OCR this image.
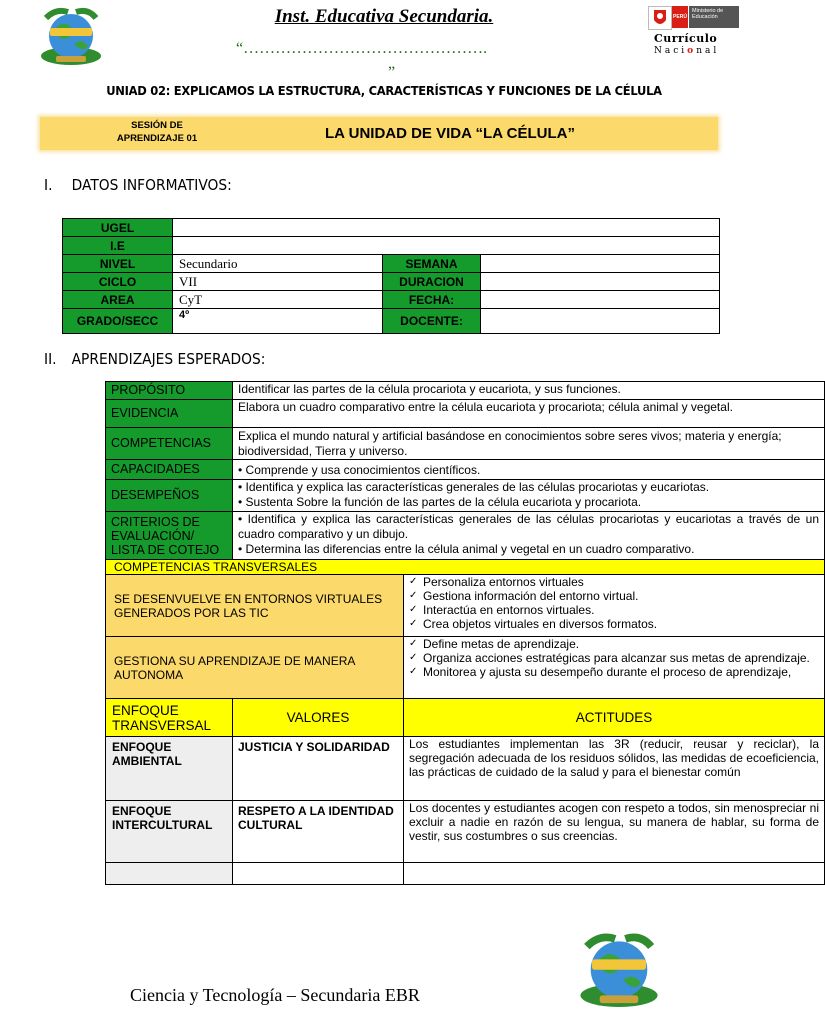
Inst. Educativa Secundaria.
“……………………………………….
”
PERÚ
Ministerio de Educación
Currículo
Nacional
UNIAD 02: EXPLICAMOS LA ESTRUCTURA, CARACTERÍSTICAS Y FUNCIONES DE LA CÉLULA
SESIÓN DE
APRENDIZAJE 01	LA UNIDAD DE VIDA “LA CÉLULA”
I. DATOS INFORMATIVOS:
UGEL			
I.E			
NIVEL	Secundario	SEMANA	
CICLO	VII	DURACION	
AREA	CyT	FECHA:	
GRADO/SECC	4º	DOCENTE:	
II. APRENDIZAJES ESPERADOS:
PROPÓSITO	Identificar las partes de la célula procariota y eucariota, y sus funciones.	
EVIDENCIA	Elabora un cuadro comparativo entre la célula eucariota y procariota; célula animal y vegetal.	
COMPETENCIAS	Explica el mundo natural y artificial basándose en conocimientos sobre seres vivos; materia y energía; biodiversidad, Tierra y universo.	
CAPACIDADES	• Comprende y usa conocimientos científicos.	
DESEMPEÑOS	• Identifica y explica las características generales de las células procariotas y eucariotas.
• Sustenta Sobre la función de las partes de la célula eucariota y procariota.	

CRITERIOS DE EVALUACIÓN/ LISTA DE COTEJO	• Identifica y explica las características generales de las células procariotas y eucariotas a través de un cuadro comparativo y un dibujo.
• Determina las diferencias entre la célula animal y vegetal en un cuadro comparativo.	

COMPETENCIAS TRANSVERSALES		
SE DESENVUELVE EN ENTORNOS VIRTUALES GENERADOS POR LAS TIC		✓ Personaliza entornos virtuales
✓ Gestiona información del entorno virtual.
✓ Interactúa en entornos virtuales.
✓ Crea objetos virtuales en diversos formatos.

GESTIONA SU APRENDIZAJE DE MANERA AUTONOMA		✓ Define metas de aprendizaje.
✓ Organiza acciones estratégicas para alcanzar sus metas de aprendizaje.
✓ Monitorea y ajusta su desempeño durante el proceso de aprendizaje,

ENFOQUE TRANSVERSAL	VALORES	ACTITUDES
ENFOQUE AMBIENTAL	JUSTICIA Y SOLIDARIDAD	Los estudiantes implementan las 3R (reducir, reusar y reciclar), la segregación adecuada de los residuos sólidos, las medidas de ecoeficiencia, las prácticas de cuidado de la salud y para el bienestar común
ENFOQUE INTERCULTURAL	RESPETO A LA IDENTIDAD CULTURAL	Los docentes y estudiantes acogen con respeto a todos, sin menospreciar ni excluir a nadie en razón de su lengua, su manera de hablar, su forma de vestir, sus costumbres o sus creencias.

Ciencia y Tecnología – Secundaria EBR
